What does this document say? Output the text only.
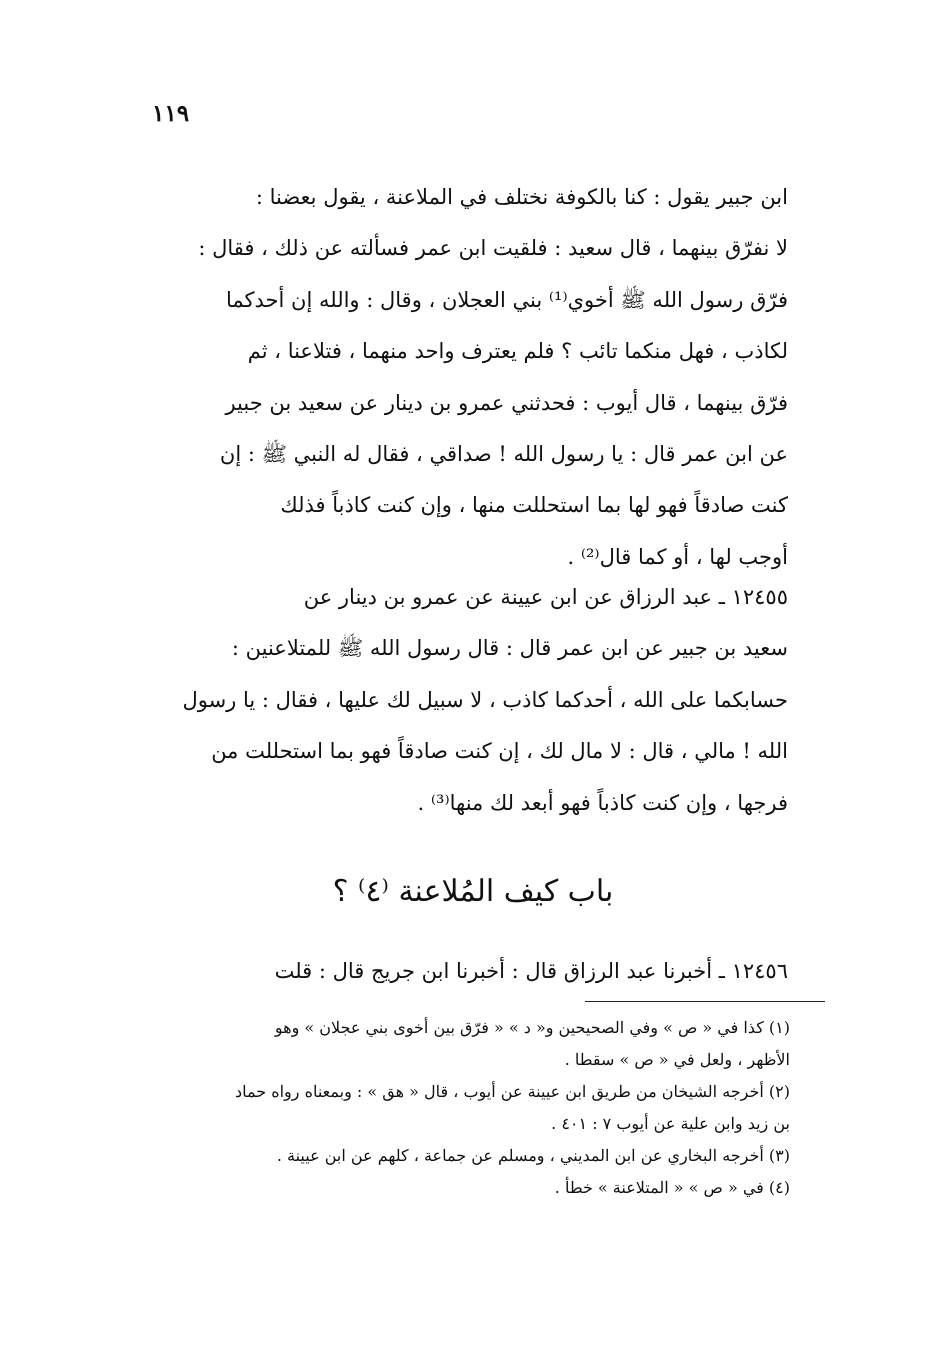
١١٩
ابن جبير يقول : كنا بالكوفة نختلف في الملاعنة ، يقول بعضنا :
لا نفرّق بينهما ، قال سعيد : فلقيت ابن عمر فسألته عن ذلك ، فقال :
فرّق رسول الله ﷺ أخوي⁽¹⁾ بني العجلان ، وقال : والله إن أحدكما
لكاذب ، فهل منكما تائب ؟ فلم يعترف واحد منهما ، فتلاعنا ، ثم
فرّق بينهما ، قال أيوب : فحدثني عمرو بن دينار عن سعيد بن جبير
عن ابن عمر قال : يا رسول الله ! صداقي ، فقال له النبي ﷺ : إن
كنت صادقاً فهو لها بما استحللت منها ، وإن كنت كاذباً فذلك
أوجب لها ، أو كما قال⁽²⁾ .
١٢٤٥٥ ـ عبد الرزاق عن ابن عيينة عن عمرو بن دينار عن
سعيد بن جبير عن ابن عمر قال : قال رسول الله ﷺ للمتلاعنين :
حسابكما على الله ، أحدكما كاذب ، لا سبيل لك عليها ، فقال : يا رسول
الله ! مالي ، قال : لا مال لك ، إن كنت صادقاً فهو بما استحللت من
فرجها ، وإن كنت كاذباً فهو أبعد لك منها⁽³⁾ .
باب كيف المُلاعنة ⁽٤⁾ ؟
١٢٤٥٦ ـ أخبرنا عبد الرزاق قال : أخبرنا ابن جريج قال : قلت
(١) كذا في « ص » وفي الصحيحين و« د » « فرّق بين أخوى بني عجلان » وهو
الأظهر ، ولعل في « ص » سقطا .
(٢) أخرجه الشيخان من طريق ابن عيينة عن أيوب ، قال « هق » : وبمعناه رواه حماد
بن زيد وابن علية عن أيوب ٧ : ٤٠١ .
(٣) أخرجه البخاري عن ابن المديني ، ومسلم عن جماعة ، كلهم عن ابن عيينة .
(٤) في « ص » « المتلاعنة » خطأ .
